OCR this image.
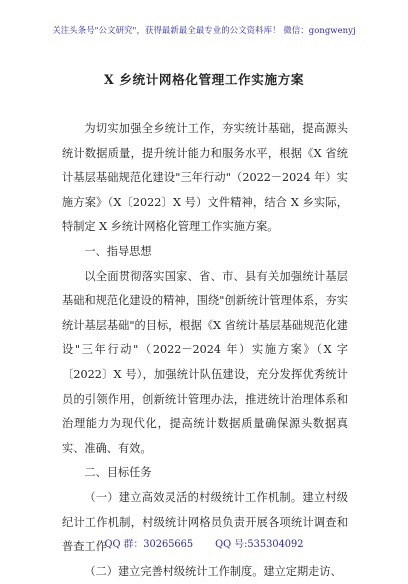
关注头条号"公文研究"，获得最新最全最专业的公文资料库！ 微信：gongwenyj
X 乡统计网格化管理工作实施方案

为切实加强全乡统计工作，夯实统计基础，提高源头统计数据质量，提升统计能力和服务水平，根据《X 省统计基层基础规范化建设"三年行动"（2022－2024 年）实施方案》（X〔2022〕X 号）文件精神，结合 X 乡实际，特制定 X 乡统计网格化管理工作实施方案。

一、指导思想

以全面贯彻落实国家、省、市、县有关加强统计基层基础和规范化建设的精神，围绕"创新统计管理体系，夯实统计基层基础"的目标，根据《X 省统计基层基础规范化建设"三年行动"（2022－2024 年）实施方案》（X 字〔2022〕X 号），加强统计队伍建设，充分发挥优秀统计员的引领作用，创新统计管理办法，推进统计治理体系和治理能力为现代化，提高统计数据质量确保源头数据真实、准确、有效。

二、目标任务

（一）建立高效灵活的村级统计工作机制。建立村级纪计工作机制，村级统计网格员负责开展各项统计调查和普查工作

（二）建立完善村级统计工作制度。建立定期走访、

QQ 群：30265665 QQ 号:535304092
